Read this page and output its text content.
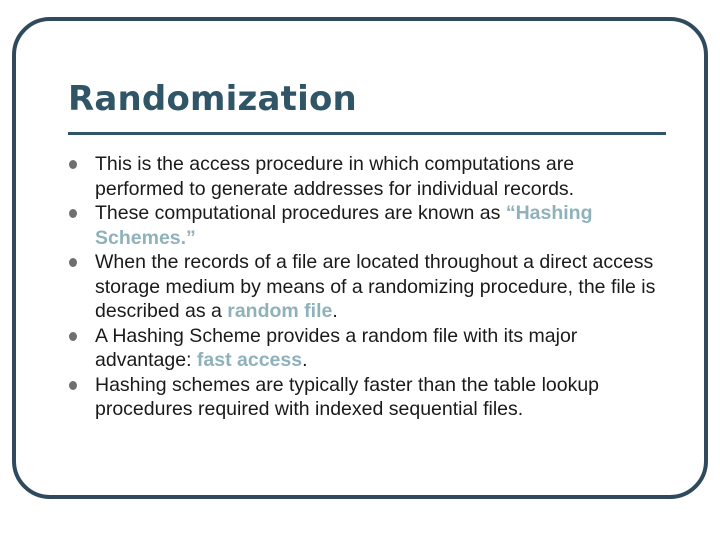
Randomization
This is the access procedure in which computations are performed to generate addresses for individual records.
These computational procedures are known as “Hashing Schemes.”
When the records of a file are located throughout a direct access storage medium by means of a randomizing procedure, the file is described as a random file.
A Hashing Scheme provides a random file with its major advantage: fast access.
Hashing schemes are typically faster than the table lookup procedures required with indexed sequential files.
